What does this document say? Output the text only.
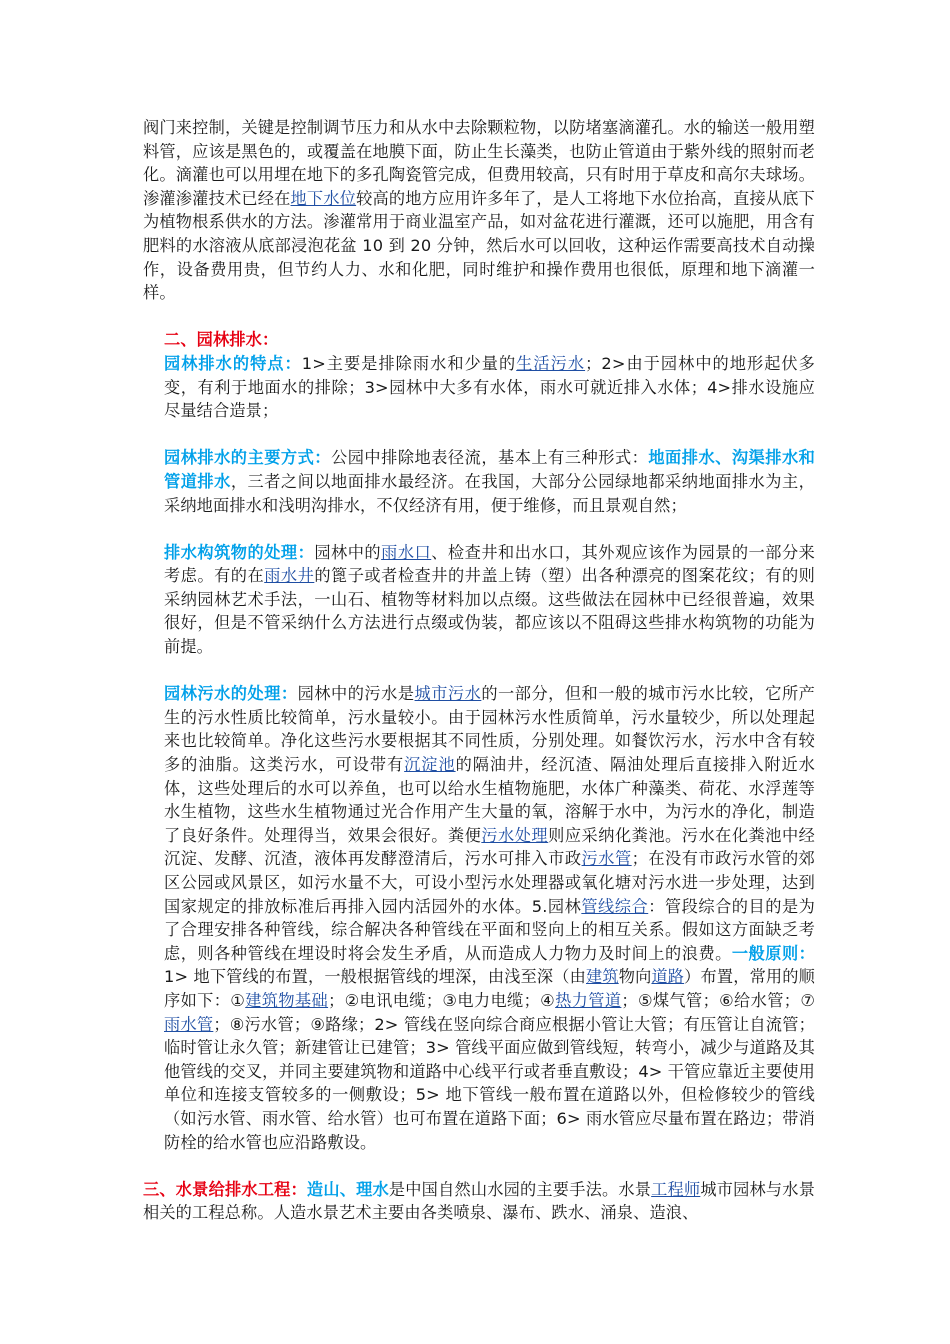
阀门来控制，关键是控制调节压力和从水中去除颗粒物，以防堵塞滴灌孔。水的输送一般用塑料管，应该是黑色的，或覆盖在地膜下面，防止生长藻类，也防止管道由于紫外线的照射而老化。滴灌也可以用埋在地下的多孔陶瓷管完成，但费用较高，只有时用于草皮和高尔夫球场。渗灌渗灌技术已经在地下水位较高的地方应用许多年了，是人工将地下水位抬高，直接从底下为植物根系供水的方法。渗灌常用于商业温室产品，如对盆花进行灌溉，还可以施肥，用含有肥料的水溶液从底部浸泡花盆 10 到 20 分钟，然后水可以回收，这种运作需要高技术自动操作，设备费用贵，但节约人力、水和化肥，同时维护和操作费用也很低，原理和地下滴灌一样。

二、园林排水：

园林排水的特点：1>主要是排除雨水和少量的生活污水；2>由于园林中的地形起伏多变，有利于地面水的排除；3>园林中大多有水体，雨水可就近排入水体；4>排水设施应尽量结合造景；

园林排水的主要方式：公园中排除地表径流，基本上有三种形式：地面排水、沟渠排水和管道排水，三者之间以地面排水最经济。在我国，大部分公园绿地都采纳地面排水为主，采纳地面排水和浅明沟排水，不仅经济有用，便于维修，而且景观自然；

排水构筑物的处理：园林中的雨水口、检查井和出水口，其外观应该作为园景的一部分来考虑。有的在雨水井的篦子或者检查井的井盖上铸（塑）出各种漂亮的图案花纹；有的则采纳园林艺术手法，一山石、植物等材料加以点缀。这些做法在园林中已经很普遍，效果很好，但是不管采纳什么方法进行点缀或伪装，都应该以不阻碍这些排水构筑物的功能为前提。

园林污水的处理：园林中的污水是城市污水的一部分，但和一般的城市污水比较，它所产生的污水性质比较简单，污水量较小。由于园林污水性质简单，污水量较少，所以处理起来也比较简单。净化这些污水要根据其不同性质，分别处理。如餐饮污水，污水中含有较多的油脂。这类污水，可设带有沉淀池的隔油井，经沉渣、隔油处理后直接排入附近水体，这些处理后的水可以养鱼，也可以给水生植物施肥，水体广种藻类、荷花、水浮莲等水生植物，这些水生植物通过光合作用产生大量的氧，溶解于水中，为污水的净化，制造了良好条件。处理得当，效果会很好。粪便污水处理则应采纳化粪池。污水在化粪池中经沉淀、发酵、沉渣，液体再发酵澄清后，污水可排入市政污水管；在没有市政污水管的郊区公园或风景区，如污水量不大，可设小型污水处理器或氧化塘对污水进一步处理，达到国家规定的排放标准后再排入园内活园外的水体。5.园林管线综合：管段综合的目的是为了合理安排各种管线，综合解决各种管线在平面和竖向上的相互关系。假如这方面缺乏考虑，则各种管线在埋设时将会发生矛盾，从而造成人力物力及时间上的浪费。一般原则：1> 地下管线的布置，一般根据管线的埋深，由浅至深（由建筑物向道路）布置，常用的顺序如下：①建筑物基础；②电讯电缆；③电力电缆；④热力管道；⑤煤气管；⑥给水管；⑦雨水管；⑧污水管；⑨路缘；2> 管线在竖向综合商应根据小管让大管；有压管让自流管；临时管让永久管；新建管让已建管；3> 管线平面应做到管线短，转弯小，减少与道路及其他管线的交叉，并同主要建筑物和道路中心线平行或者垂直敷设；4> 干管应靠近主要使用单位和连接支管较多的一侧敷设；5> 地下管线一般布置在道路以外，但检修较少的管线（如污水管、雨水管、给水管）也可布置在道路下面；6> 雨水管应尽量布置在路边；带消防栓的给水管也应沿路敷设。

三、水景给排水工程：造山、理水是中国自然山水园的主要手法。水景工程师城市园林与水景相关的工程总称。人造水景艺术主要由各类喷泉、瀑布、跌水、涌泉、造浪、
